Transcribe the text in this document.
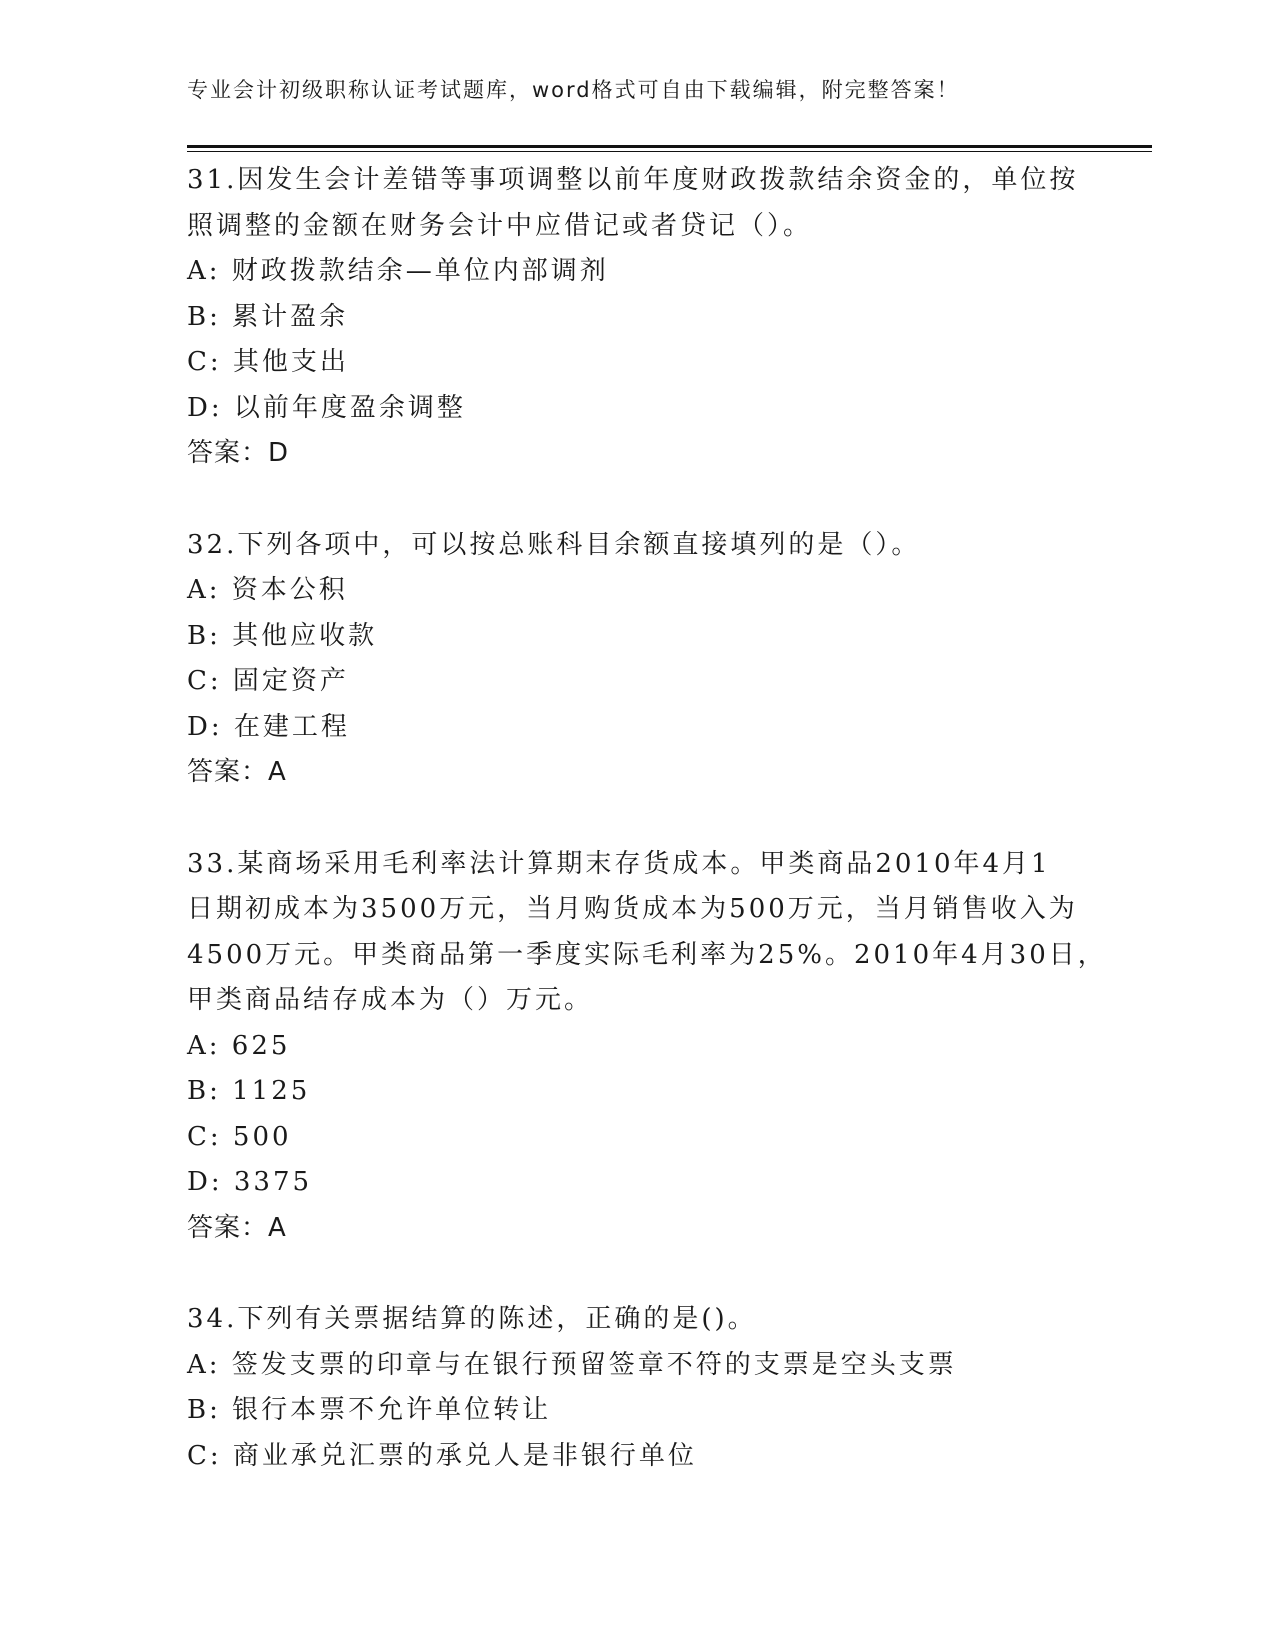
专业会计初级职称认证考试题库，word格式可自由下载编辑，附完整答案！
31.因发生会计差错等事项调整以前年度财政拨款结余资金的，单位按
照调整的金额在财务会计中应借记或者贷记（）。
A: 财政拨款结余—单位内部调剂
B: 累计盈余
C: 其他支出
D: 以前年度盈余调整
答案：D
32.下列各项中，可以按总账科目余额直接填列的是（）。
A: 资本公积
B: 其他应收款
C: 固定资产
D: 在建工程
答案：A
33.某商场采用毛利率法计算期末存货成本。甲类商品2010年4月1
日期初成本为3500万元，当月购货成本为500万元，当月销售收入为
4500万元。甲类商品第一季度实际毛利率为25%。2010年4月30日，
甲类商品结存成本为（）万元。
A: 625
B: 1125
C: 500
D: 3375
答案：A
34.下列有关票据结算的陈述，正确的是()。
A: 签发支票的印章与在银行预留签章不符的支票是空头支票
B: 银行本票不允许单位转让
C: 商业承兑汇票的承兑人是非银行单位
